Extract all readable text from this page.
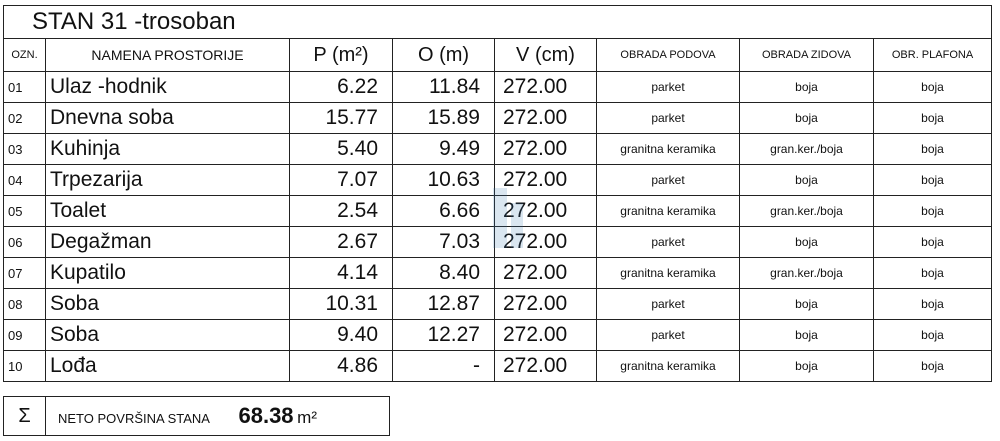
STAN 31 -trosoban							
OZN.	NAMENA PROSTORIJE	P (m²)	O (m)	V (cm)	OBRADA PODOVA	OBRADA ZIDOVA	OBR. PLAFONA
01	Ulaz -hodnik	6.22	11.84	272.00	parket	boja	boja
02	Dnevna soba	15.77	15.89	272.00	parket	boja	boja
03	Kuhinja	5.40	9.49	272.00	granitna keramika	gran.ker./boja	boja
04	Trpezarija	7.07	10.63	272.00	parket	boja	boja
05	Toalet	2.54	6.66	272.00	granitna keramika	gran.ker./boja	boja
06	Degažman	2.67	7.03	272.00	parket	boja	boja
07	Kupatilo	4.14	8.40	272.00	granitna keramika	gran.ker./boja	boja
08	Soba	10.31	12.87	272.00	parket	boja	boja
09	Soba	9.40	12.27	272.00	parket	boja	boja
10	Lođa	4.86	-	272.00	granitna keramika	boja	boja
Σ	NETO POVRŠINA STANA 68.38 m²
